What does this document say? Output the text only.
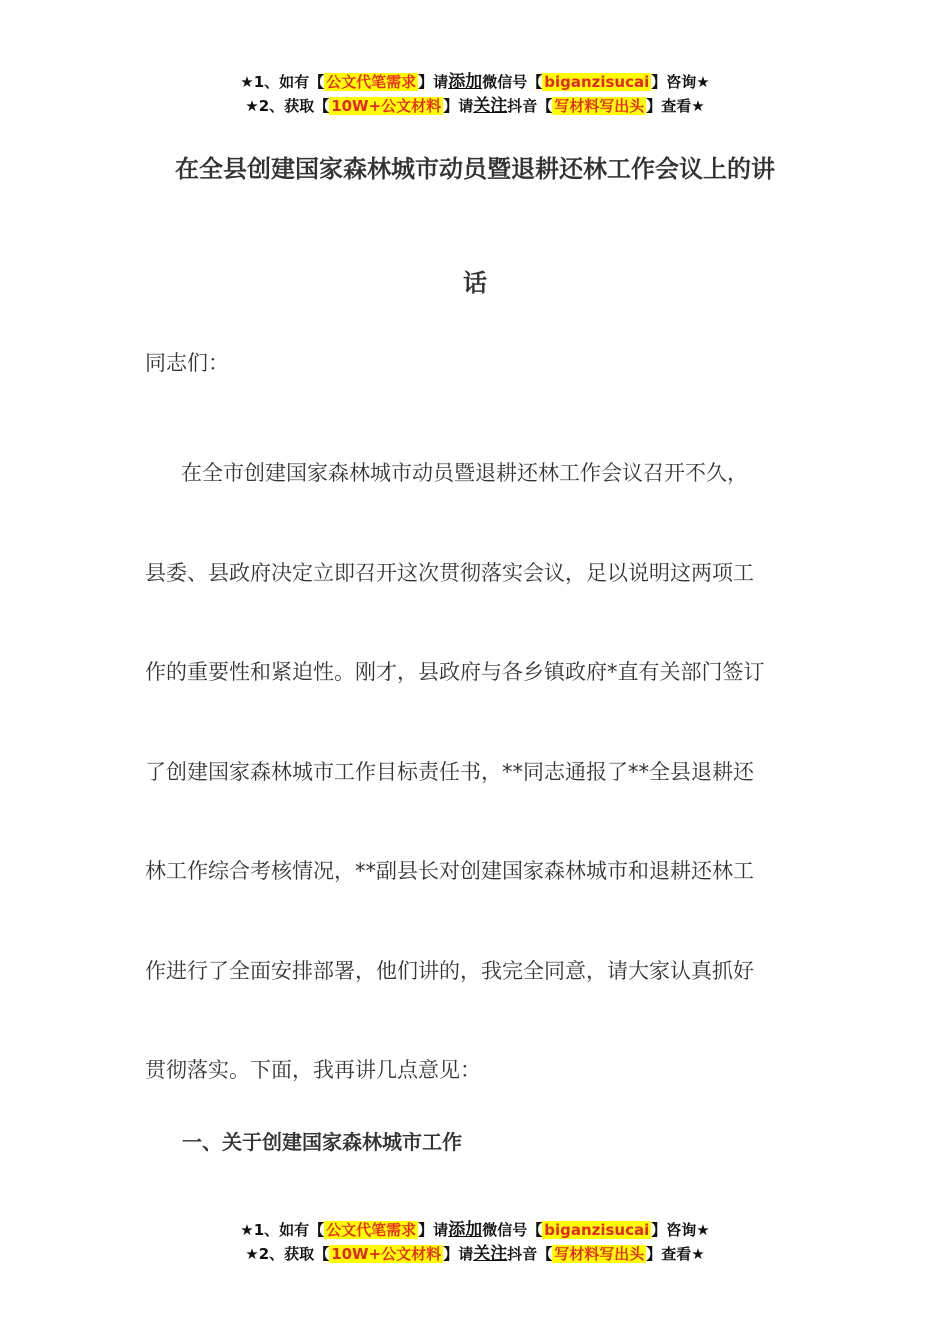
★1、如有【 公文代笔需求 】请添加微信号【 biganzisucai 】咨询★
★2、获取【 10W+公文材料 】请关注抖音【 写材料写出头 】查看★
在全县创建国家森林城市动员暨退耕还林工作会议上的讲
话
同志们：
在全市创建国家森林城市动员暨退耕还林工作会议召开不久，
县委、县政府决定立即召开这次贯彻落实会议，足以说明这两项工
作的重要性和紧迫性。刚才，县政府与各乡镇政府*直有关部门签订
了创建国家森林城市工作目标责任书，**同志通报了**全县退耕还
林工作综合考核情况，**副县长对创建国家森林城市和退耕还林工
作进行了全面安排部署，他们讲的，我完全同意，请大家认真抓好
贯彻落实。下面，我再讲几点意见：
一、关于创建国家森林城市工作
★1、如有【 公文代笔需求 】请添加微信号【 biganzisucai 】咨询★
★2、获取【 10W+公文材料 】请关注抖音【 写材料写出头 】查看★
